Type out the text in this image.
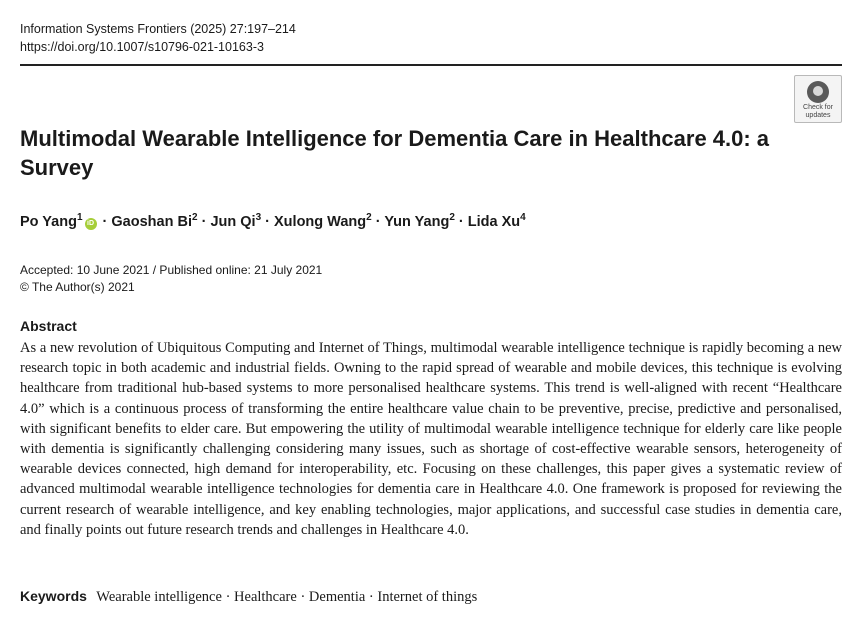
Information Systems Frontiers (2025) 27:197–214
https://doi.org/10.1007/s10796-021-10163-3
Check for
updates
Multimodal Wearable Intelligence for Dementia Care in Healthcare 4.0: a Survey
Po Yang$^1$iD · Gaoshan $Bi^2$ · Jun $Qi^3$ · Xulong Wang$^2$ · Yun Yang$^2$ · Lida Xu$^4$
Accepted: 10 June 2021 / Published online: 21 July 2021
© The Author(s) 2021
Abstract
As a new revolution of Ubiquitous Computing and Internet of Things, multimodal wearable intelligence technique is rapidly becoming a new research topic in both academic and industrial fields. Owning to the rapid spread of wearable and mobile devices, this technique is evolving healthcare from traditional hub-based systems to more personalised healthcare systems. This trend is well-aligned with recent “Healthcare 4.0” which is a continuous process of transforming the entire healthcare value chain to be preventive, precise, predictive and personalised, with significant benefits to elder care. But empowering the utility of multimodal wearable intelligence technique for elderly care like people with dementia is significantly challenging considering many issues, such as shortage of cost-effective wearable sensors, heterogeneity of wearable devices connected, high demand for interoperability, etc. Focusing on these challenges, this paper gives a systematic review of advanced multimodal wearable intelligence technologies for dementia care in Healthcare 4.0. One framework is proposed for reviewing the current research of wearable intelligence, and key enabling technologies, major applications, and successful case studies in dementia care, and finally points out future research trends and challenges in Healthcare 4.0.
Keywords Wearable intelligence · Healthcare · Dementia · Internet of things
